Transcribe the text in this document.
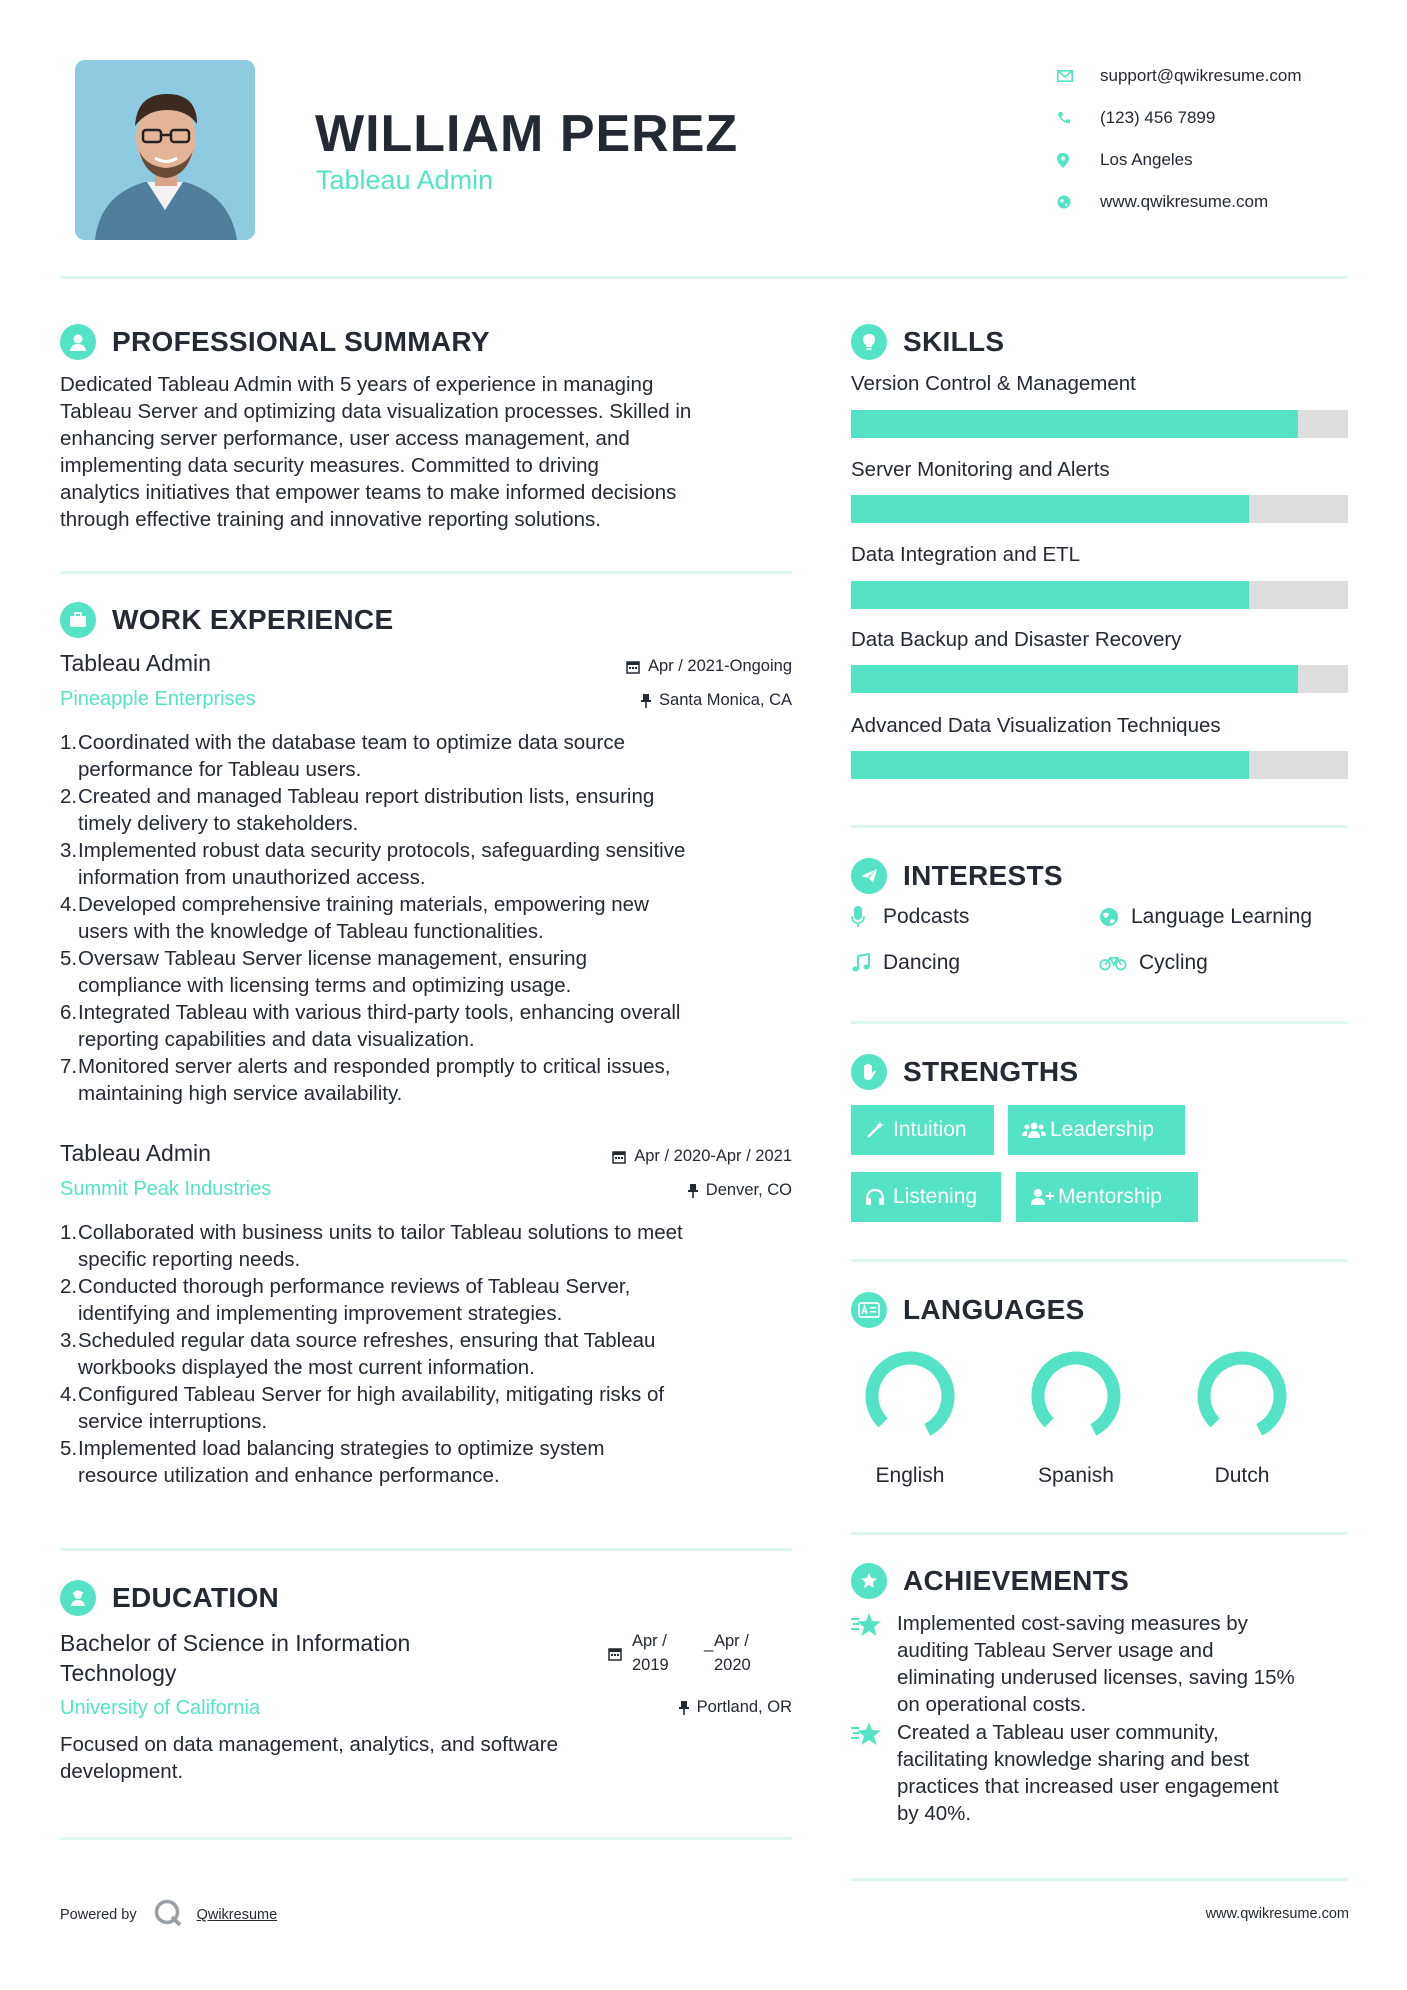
WILLIAM PEREZ
Tableau Admin
support@qwikresume.com
(123) 456 7899
Los Angeles
www.qwikresume.com
PROFESSIONAL SUMMARY
Dedicated Tableau Admin with 5 years of experience in managing
Tableau Server and optimizing data visualization processes. Skilled in
enhancing server performance, user access management, and
implementing data security measures. Committed to driving
analytics initiatives that empower teams to make informed decisions
through effective training and innovative reporting solutions.
WORK EXPERIENCE
Tableau Admin
Pineapple Enterprises
Apr / 2021-Ongoing
Santa Monica, CA
1. Coordinated with the database team to optimize data source
performance for Tableau users.
2. Created and managed Tableau report distribution lists, ensuring
timely delivery to stakeholders.
3. Implemented robust data security protocols, safeguarding sensitive
information from unauthorized access.
4. Developed comprehensive training materials, empowering new
users with the knowledge of Tableau functionalities.
5. Oversaw Tableau Server license management, ensuring
compliance with licensing terms and optimizing usage.
6. Integrated Tableau with various third-party tools, enhancing overall
reporting capabilities and data visualization.
7. Monitored server alerts and responded promptly to critical issues,
maintaining high service availability.
Tableau Admin
Summit Peak Industries
Apr / 2020-Apr / 2021
Denver, CO
1. Collaborated with business units to tailor Tableau solutions to meet
specific reporting needs.
2. Conducted thorough performance reviews of Tableau Server,
identifying and implementing improvement strategies.
3. Scheduled regular data source refreshes, ensuring that Tableau
workbooks displayed the most current information.
4. Configured Tableau Server for high availability, mitigating risks of
service interruptions.
5. Implemented load balancing strategies to optimize system
resource utilization and enhance performance.
EDUCATION
Bachelor of Science in Information
Technology
University of California
Apr /
2019
_ Apr /
2020
Portland, OR
Focused on data management, analytics, and software
development.
SKILLS
Version Control & Management
Server Monitoring and Alerts
Data Integration and ETL
Data Backup and Disaster Recovery
Advanced Data Visualization Techniques
INTERESTS
Podcasts	Language Learning
Dancing	Cycling
STRENGTHS
Intuition	Leadership
Listening	Mentorship
LANGUAGES
English	Spanish	Dutch
ACHIEVEMENTS
Implemented cost-saving measures by
auditing Tableau Server usage and
eliminating underused licenses, saving 15%
on operational costs.
Created a Tableau user community,
facilitating knowledge sharing and best
practices that increased user engagement
by 40%.
Powered by	Qwikresume	www.qwikresume.com
